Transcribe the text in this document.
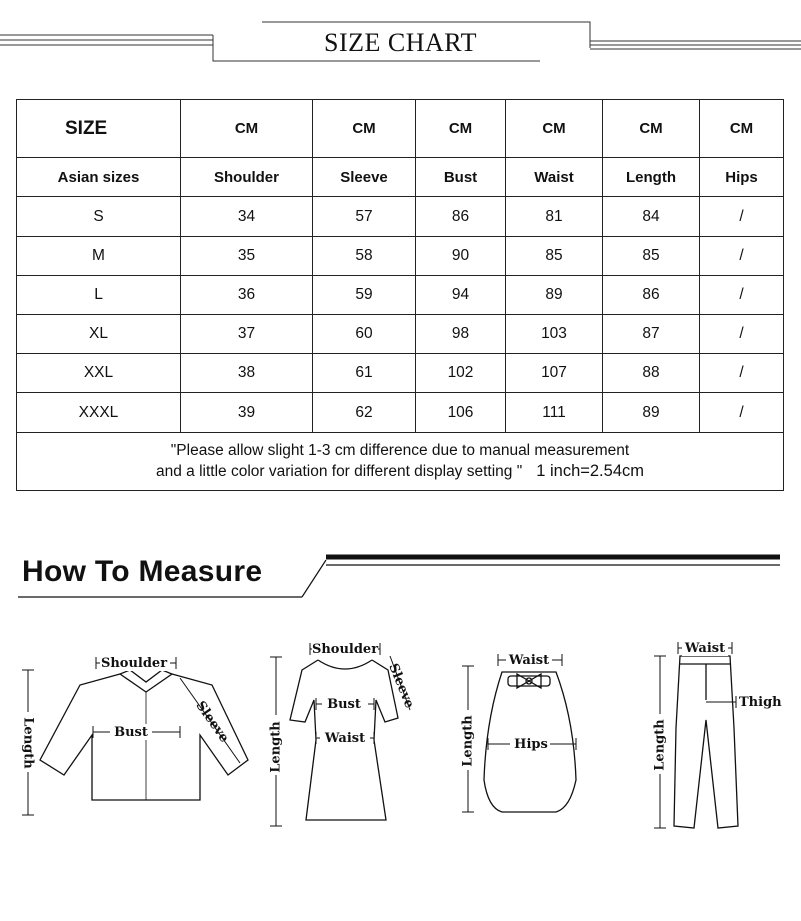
SIZE CHART
SIZE	CM	CM	CM	CM	CM	CM
Asian sizes	Shoulder	Sleeve	Bust	Waist	Length	Hips
S	34	57	86	81	84	/
M	35	58	90	85	85	/
L	36	59	94	89	86	/
XL	37	60	98	103	87	/
XXL	38	61	102	107	88	/
XXXL	39	62	106	111	89	/

"Please allow slight 1-3 cm difference due to manual measurement
and a little color variation for different display setting " 1 inch=2.54cm						
How To Measure
Shoulder
Bust
Length	Sleeve
Shoulder
Bust
Waist
Length
Sleeve
Waist
Hips
Length
Waist
Thigh
Length
